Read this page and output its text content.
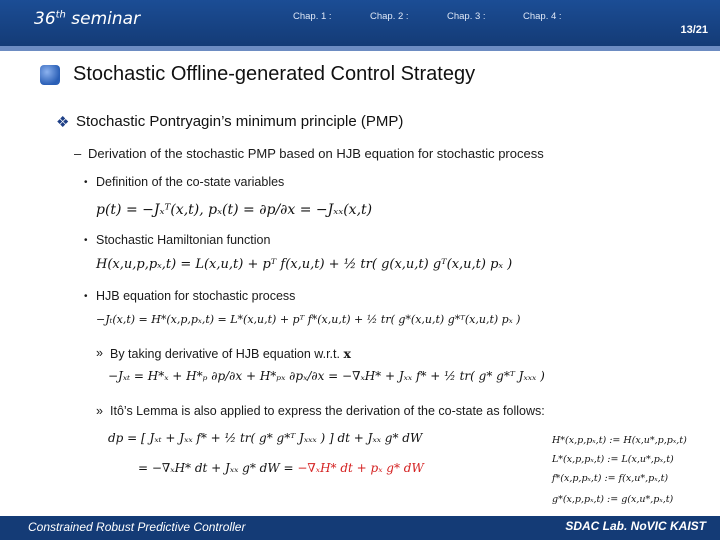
36th seminar	Chap. 1 :	Chap. 2 :	Chap. 3 :	Chap. 4 :
13/21
Stochastic Offline-generated Control Strategy
❖ Stochastic Pontryagin’s minimum principle (PMP)
– Derivation of the stochastic PMP based on HJB equation for stochastic process
• Definition of the co-state variables
p(t) = −Jₓᵀ(x,t), pₓ(t) = ∂p/∂x = −Jₓₓ(x,t)
• Stochastic Hamiltonian function
H(x,u,p,pₓ,t) = L(x,u,t) + pᵀ f(x,u,t) + ½ tr( g(x,u,t) gᵀ(x,u,t) pₓ )
• HJB equation for stochastic process
−Jₜ(x,t) = H*(x,p,pₓ,t) = L*(x,u,t) + pᵀ f*(x,u,t) + ½ tr( g*(x,u,t) g*ᵀ(x,u,t) pₓ )
» By taking derivative of HJB equation w.r.t. x
−Jₓₜ = H*ₓ + H*ₚ ∂p/∂x + H*ₚₓ ∂pₓ/∂x = −∇ₓH* + Jₓₓ f* + ½ tr( g* g*ᵀ Jₓₓₓ )
» Itô’s Lemma is also applied to express the derivation of the co-state as follows:
dp = [ Jₓₜ + Jₓₓ f* + ½ tr( g* g*ᵀ Jₓₓₓ ) ] dt + Jₓₓ g* dW
= −∇ₓH* dt + Jₓₓ g* dW = −∇ₓH* dt + pₓ g* dW
H*(x,p,pₓ,t) := H(x,u*,p,pₓ,t)
L*(x,p,pₓ,t) := L(x,u*,pₓ,t)
f*(x,p,pₓ,t) := f(x,u*,pₓ,t)
g*(x,p,pₓ,t) := g(x,u*,pₓ,t)
Constrained Robust Predictive Controller	SDAC Lab. NoVIC KAIST
